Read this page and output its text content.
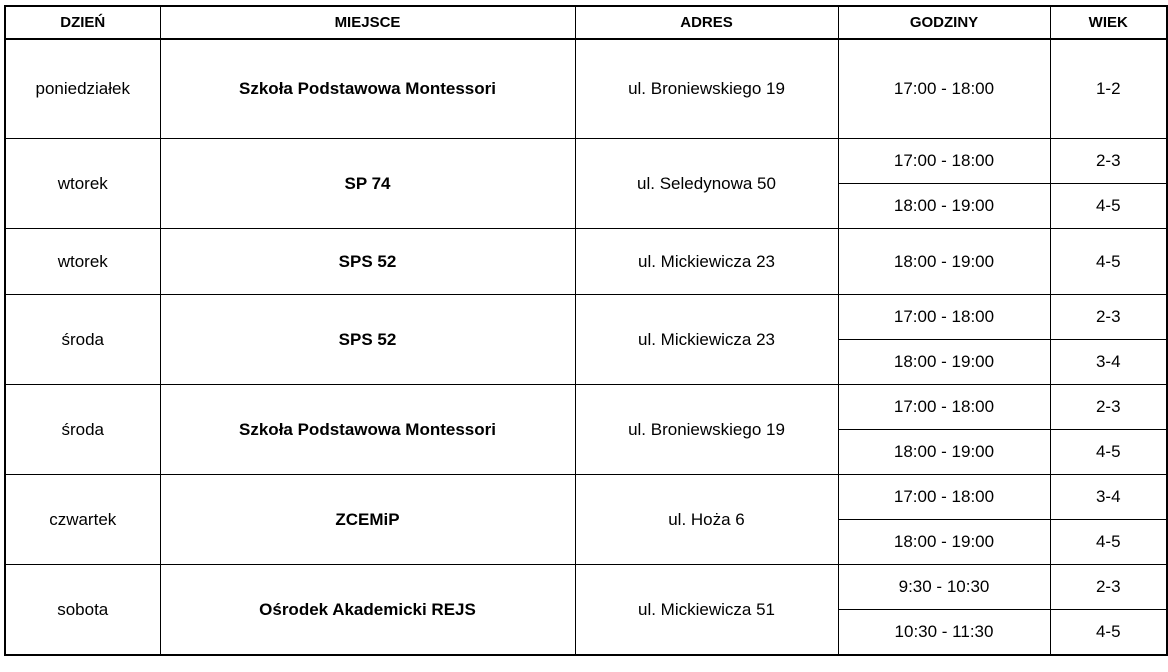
DZIEŃ	MIEJSCE	ADRES	GODZINY	WIEK
poniedziałek	Szkoła Podstawowa Montessori	ul. Broniewskiego 19	17:00 - 18:00	1-2
wtorek	SP 74	ul. Seledynowa 50	17:00 - 18:00	2-3
			18:00 - 19:00	4-5
wtorek	SPS 52	ul. Mickiewicza 23	18:00 - 19:00	4-5
środa	SPS 52	ul. Mickiewicza 23	17:00 - 18:00	2-3
			18:00 - 19:00	3-4
środa	Szkoła Podstawowa Montessori	ul. Broniewskiego 19	17:00 - 18:00	2-3
			18:00 - 19:00	4-5
czwartek	ZCEMiP	ul. Hoża 6	17:00 - 18:00	3-4
			18:00 - 19:00	4-5
sobota	Ośrodek Akademicki REJS	ul. Mickiewicza 51	9:30 - 10:30	2-3
			10:30 - 11:30	4-5
